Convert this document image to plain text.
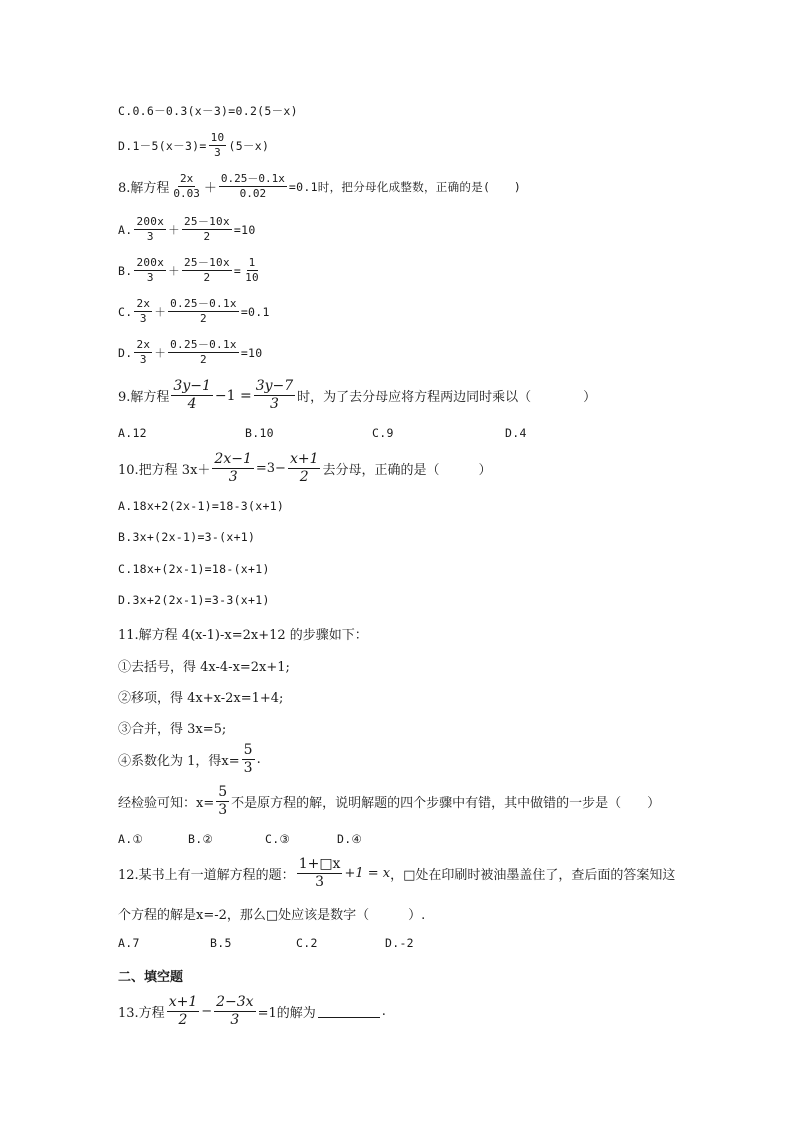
C.0.6－0.3(x－3)=0.2(5－x)
$D.1-5(x-3)= \frac{10}{3} (5-x)$
8.解方程 $\frac{2x}{0.03} + \frac{0.25-0.1x}{0.02} =0.1$时，把分母化成整数，正确的是(　　)
A. $\frac{200x}{3} + \frac{25-10x}{2} =10$
B. $\frac{200x}{3} + \frac{25-10x}{2} = \frac{1}{10}$
C. $\frac{2x}{3} + \frac{0.25-0.1x}{2} =0.1$
D. $\frac{2x}{3} + \frac{0.25-0.1x}{2} =10$
9.解方程 $\frac{3y-1}{4} -1 = \frac{3y-7}{3}$ 时，为了去分母应将方程两边同时乘以（　　　　）
A.12	B.10	C.9	D.4
10.把方程 $3x+ \frac{2x-1}{3} =3- \frac{x+1}{2}$ 去分母，正确的是（　　　）
A.18x+2(2x-1)=18-3(x+1)
B.3x+(2x-1)=3-(x+1)
C.18x+(2x-1)=18-(x+1)
D.3x+2(2x-1)=3-3(x+1)
11.解方程 4(x-1)-x=2x+12 的步骤如下：
①去括号，得 4x-4-x=2x+1;
②移项，得 4x+x-2x=1+4;
③合并，得 3x=5;
④系数化为 1，得$x= \frac{5}{3}$ .
经检验可知：$x= \frac{5}{3}$ 不是原方程的解，说明解题的四个步骤中有错，其中做错的一步是（　　）
A.①	B.②	C.③	D.④
12.某书上有一道解方程的题： $\frac{1+□x}{3} +1 = x$ ，□处在印刷时被油墨盖住了，查后面的答案知这
个方程的解是x=-2，那么□处应该是数字（　　　）.
A.7	B.5	C.2	D.-2
二、填空题
13.方程 $\frac{x+1}{2} - \frac{2-3x}{3} =1$的解为	.
